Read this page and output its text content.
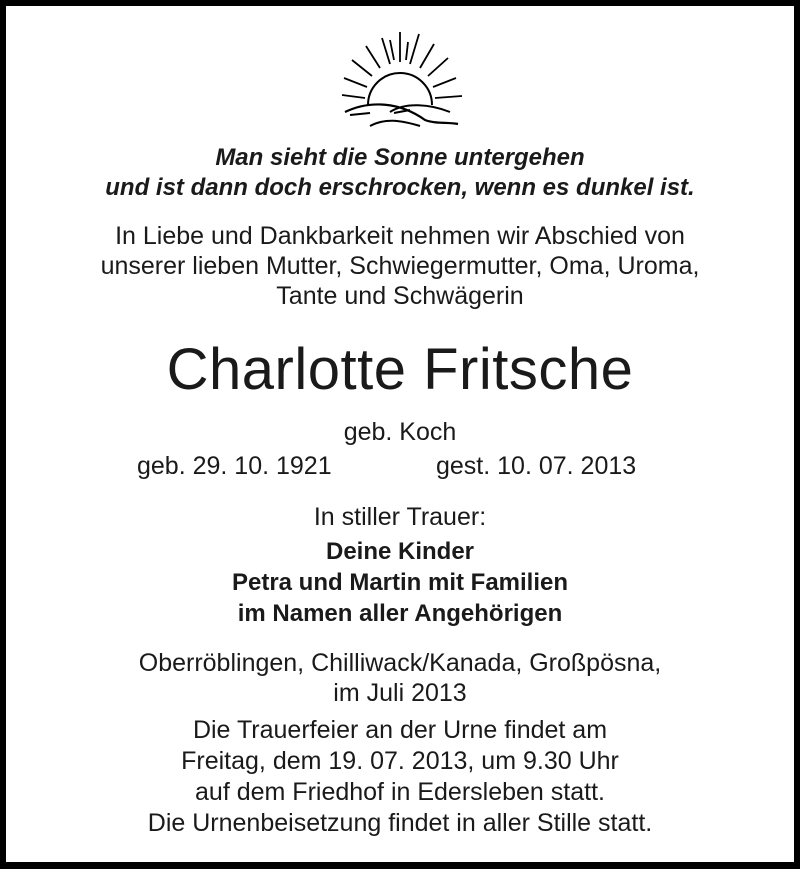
Man sieht die Sonne untergehen
und ist dann doch erschrocken, wenn es dunkel ist.
In Liebe und Dankbarkeit nehmen wir Abschied von
unserer lieben Mutter, Schwiegermutter, Oma, Uroma,
Tante und Schwägerin
Charlotte Fritsche
geb. Koch
geb. 29. 10. 1921	gest. 10. 07. 2013
In stiller Trauer:
Deine Kinder
Petra und Martin mit Familien
im Namen aller Angehörigen
Oberröblingen, Chilliwack/Kanada, Großpösna,
im Juli 2013
Die Trauerfeier an der Urne findet am
Freitag, dem 19. 07. 2013, um 9.30 Uhr
auf dem Friedhof in Edersleben statt.
Die Urnenbeisetzung findet in aller Stille statt.
